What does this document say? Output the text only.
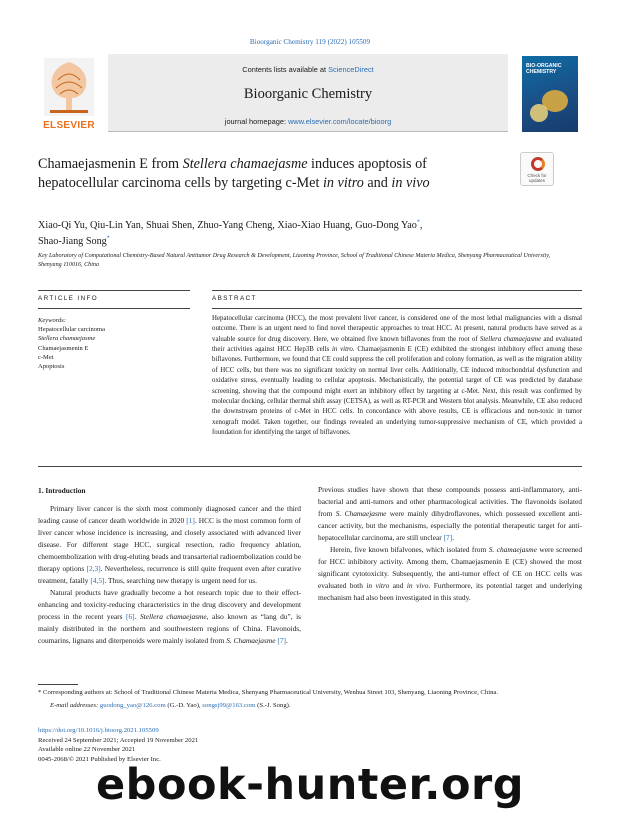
Bioorganic Chemistry 119 (2022) 105509
ELSEVIER
Contents lists available at ScienceDirect
Bioorganic Chemistry
journal homepage: www.elsevier.com/locate/bioorg
BIO-ORGANIC CHEMISTRY
Chamaejasmenin E from Stellera chamaejasme induces apoptosis of hepatocellular carcinoma cells by targeting c-Met in vitro and in vivo	Check for updates
Xiao-Qi Yu, Qiu-Lin Yan, Shuai Shen, Zhuo-Yang Cheng, Xiao-Xiao Huang, Guo-Dong Yao*,
Shao-Jiang Song*
Key Laboratory of Computational Chemistry-Based Natural Antitumor Drug Research & Development, Liaoning Province, School of Traditional Chinese Materia Medica, Shenyang Pharmaceutical University, Shenyang 110016, China
ARTICLE INFO
Keywords:
Hepatocellular carcinoma
Stellera chamaejasme
Chamaejasmenin E
c-Met
Apoptosis
ABSTRACT
Hepatocellular carcinoma (HCC), the most prevalent liver cancer, is considered one of the most lethal malignancies with a dismal outcome. There is an urgent need to find novel therapeutic approaches to treat HCC. At present, natural products have served as a valuable source for drug discovery. Here, we obtained five known biflavones from the root of Stellera chamaejasme and evaluated their activities against HCC Hep3B cells in vitro. Chamaejasmenin E (CE) exhibited the strongest inhibitory effect among these biflavones. Furthermore, we found that CE could suppress the cell proliferation and colony formation, as well as the migration ability of HCC cells, but there was no significant toxicity on normal liver cells. Additionally, CE induced mitochondrial dysfunction and oxidative stress, eventually leading to cellular apoptosis. Mechanistically, the potential target of CE was predicted by database screening, showing that the compound might exert an inhibitory effect by targeting at c-Met. Next, this result was confirmed by molecular docking, cellular thermal shift assay (CETSA), as well as RT-PCR and Western blot analysis. Meanwhile, CE also reduced the downstream proteins of c-Met in HCC cells. In concordance with above results, CE is efficacious and non-toxic in tumor xenograft model. Taken together, our findings revealed an underlying tumor-suppressive mechanism of CE, which provided a foundation for identifying the target of biflavones.
1. Introduction

Primary liver cancer is the sixth most commonly diagnosed cancer and the third leading cause of cancer death worldwide in 2020 [1]. HCC is the most common form of liver cancer whose incidence is increasing, and closely associated with advanced liver disease. For different stage HCC, surgical resection, radio frequency ablation, chemoembolization with drug-eluting beads and transarterial radioembolization could be therapy options [2,3]. Nevertheless, recurrence is still quite frequent even after curative treatment, fatally [4,5]. Thus, searching new therapy is urgent need for us.

Natural products have gradually become a hot research topic due to their effect-enhancing and toxicity-reducing characteristics in the drug discovery and development process in the recent years [6]. Stellera chamaejasme, also known as “lang du”, is mainly distributed in the northern and southwestern regions of China. Flavonoids, coumarins, lignans and diterpenoids were mainly isolated from S. Chamaejasme [7].

Previous studies have shown that these compounds possess anti-inflammatory, anti-bacterial and anti-tumors and other pharmacological activities. The flavonoids isolated from S. Chamaejasme were mainly dihydroflavones, which possessed excellent anti-cancer activity, but the mechanisms, especially the potential therapeutic target for anti-hepatocellular carcinoma, are still unclear [7].

Herein, five known bifalvones, which isolated from S. chamaejasme were screened for HCC inhibitory activity. Among them, Chamaejasmenin E (CE) showed the most significant cytotoxicity. Subsequently, the anti-tumor effect of CE on HCC cells was evaluated both in vitro and in vivo. Furthermore, its potential target and underlying mechanism had also been investigated in this study.

* Corresponding authors at: School of Traditional Chinese Materia Medica, Shenyang Pharmaceutical University, Wenhua Street 103, Shenyang, Liaoning Province, China.
E-mail addresses: guodong_yao@126.com (G.-D. Yao), songsj99@163.com (S.-J. Song).
https://doi.org/10.1016/j.bioorg.2021.105509
Received 24 September 2021; Accepted 19 November 2021
Available online 22 November 2021
0045-2068/© 2021 Published by Elsevier Inc.
ebook-hunter.org
